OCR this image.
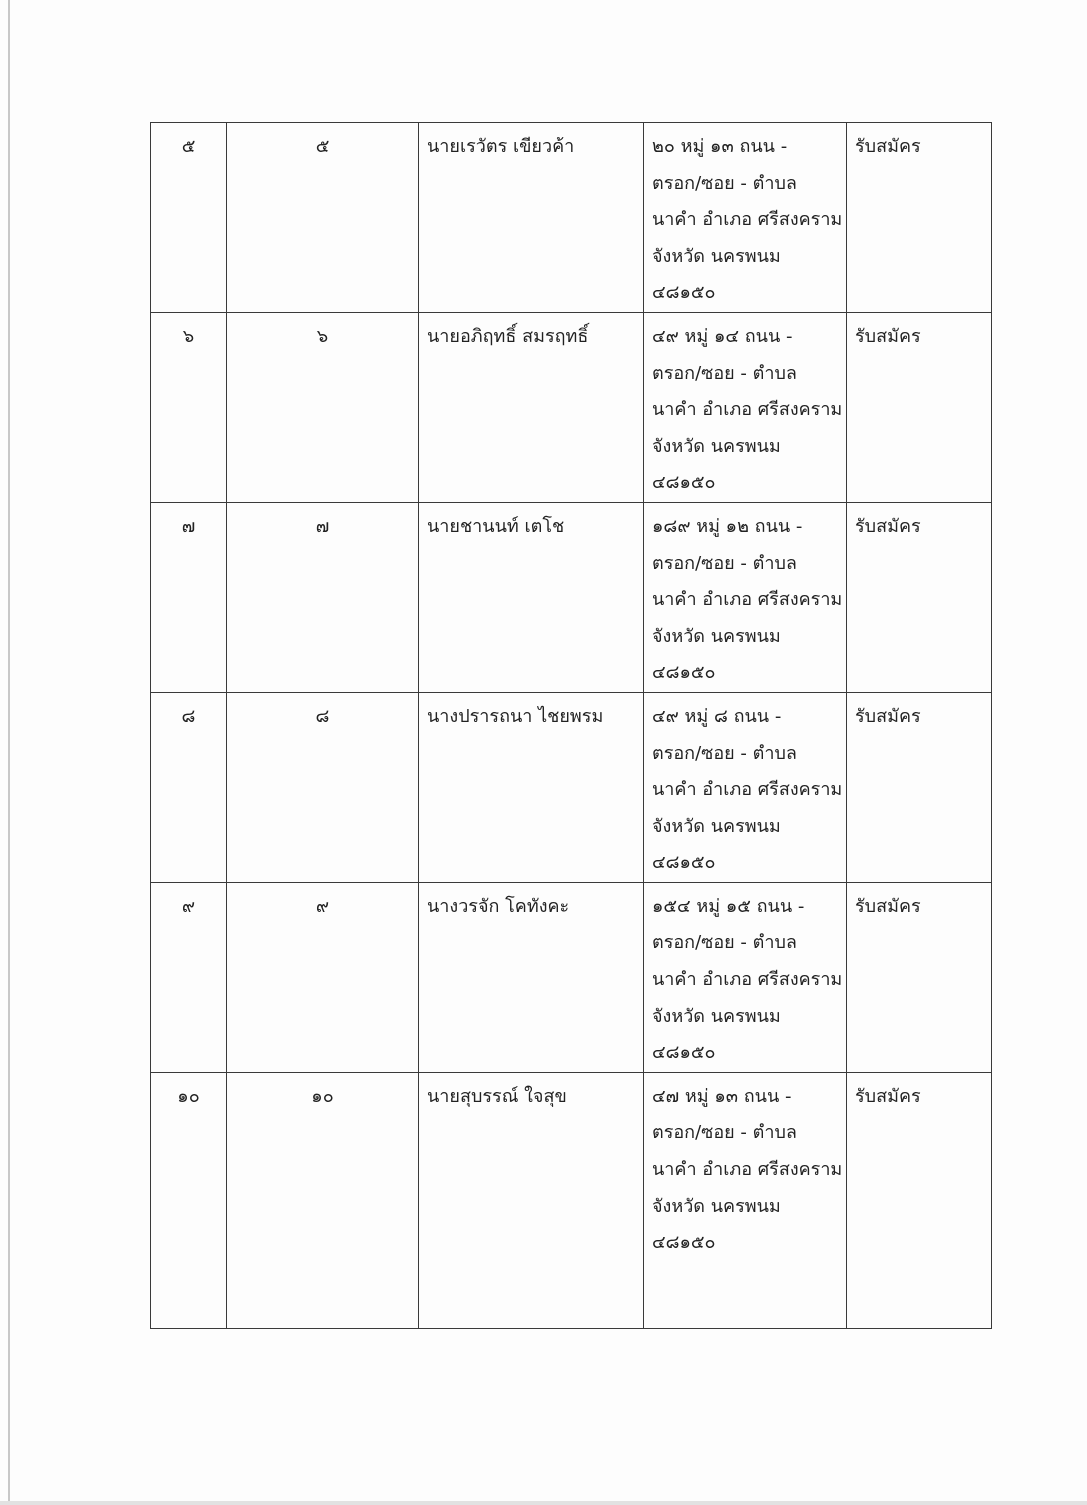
๕	๕	นายเรวัตร เขียวค้า	๒๐ หมู่ ๑๓ ถนน -
ตรอก/ซอย - ตำบล
นาคำ อำเภอ ศรีสงคราม
จังหวัด นครพนม
๔๘๑๕๐	รับสมัคร
๖	๖	นายอภิฤทธิ์ สมรฤทธิ์	๔๙ หมู่ ๑๔ ถนน -
ตรอก/ซอย - ตำบล
นาคำ อำเภอ ศรีสงคราม
จังหวัด นครพนม
๔๘๑๕๐	รับสมัคร
๗	๗	นายชานนท์ เตโช	๑๘๙ หมู่ ๑๒ ถนน -
ตรอก/ซอย - ตำบล
นาคำ อำเภอ ศรีสงคราม
จังหวัด นครพนม
๔๘๑๕๐	รับสมัคร
๘	๘	นางปรารถนา ไชยพรม	๔๙ หมู่ ๘ ถนน -
ตรอก/ซอย - ตำบล
นาคำ อำเภอ ศรีสงคราม
จังหวัด นครพนม
๔๘๑๕๐	รับสมัคร
๙	๙	นางวรจัก โคทังคะ	๑๕๔ หมู่ ๑๕ ถนน -
ตรอก/ซอย - ตำบล
นาคำ อำเภอ ศรีสงคราม
จังหวัด นครพนม
๔๘๑๕๐	รับสมัคร
๑๐	๑๐	นายสุบรรณ์ ใจสุข	๔๗ หมู่ ๑๓ ถนน -
ตรอก/ซอย - ตำบล
นาคำ อำเภอ ศรีสงคราม
จังหวัด นครพนม
๔๘๑๕๐	รับสมัคร
